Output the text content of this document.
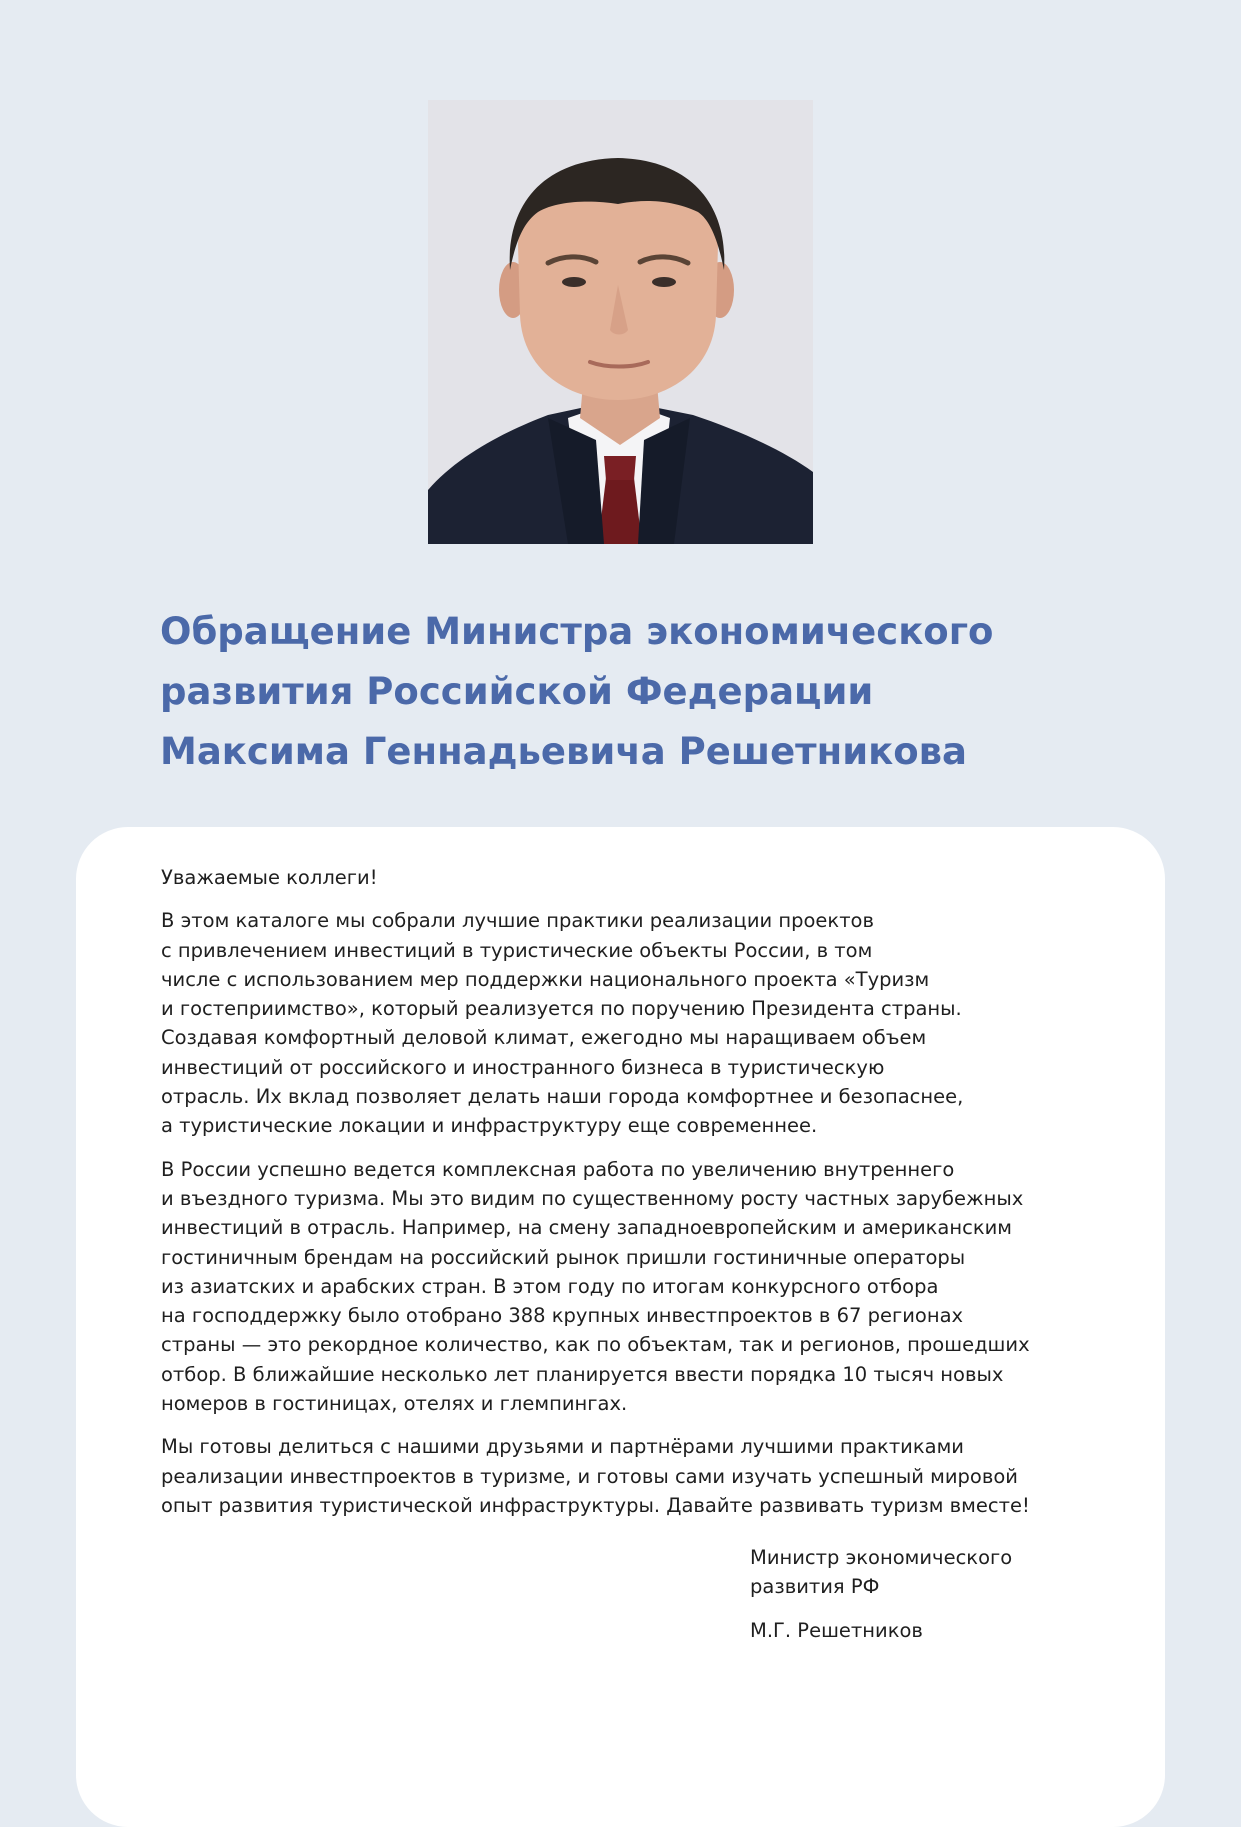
Обращение Министра экономического
развития Российской Федерации
Максима Геннадьевича Решетникова

Уважаемые коллеги!

В этом каталоге мы собрали лучшие практики реализации проектов
с привлечением инвестиций в туристические объекты России, в том
числе с использованием мер поддержки национального проекта «Туризм
и гостеприимство», который реализуется по поручению Президента страны.
Создавая комфортный деловой климат, ежегодно мы наращиваем объем
инвестиций от российского и иностранного бизнеса в туристическую
отрасль. Их вклад позволяет делать наши города комфортнее и безопаснее,
а туристические локации и инфраструктуру еще современнее.

В России успешно ведется комплексная работа по увеличению внутреннего
и въездного туризма. Мы это видим по существенному росту частных зарубежных
инвестиций в отрасль. Например, на смену западноевропейским и американским
гостиничным брендам на российский рынок пришли гостиничные операторы
из азиатских и арабских стран. В этом году по итогам конкурсного отбора
на господдержку было отобрано 388 крупных инвестпроектов в 67 регионах
страны — это рекордное количество, как по объектам, так и регионов, прошедших
отбор. В ближайшие несколько лет планируется ввести порядка 10 тысяч новых
номеров в гостиницах, отелях и глемпингах.

Мы готовы делиться с нашими друзьями и партнёрами лучшими практиками
реализации инвестпроектов в туризме, и готовы сами изучать успешный мировой
опыт развития туристической инфраструктуры. Давайте развивать туризм вместе!

Министр экономического
развития РФ
М.Г. Решетников
